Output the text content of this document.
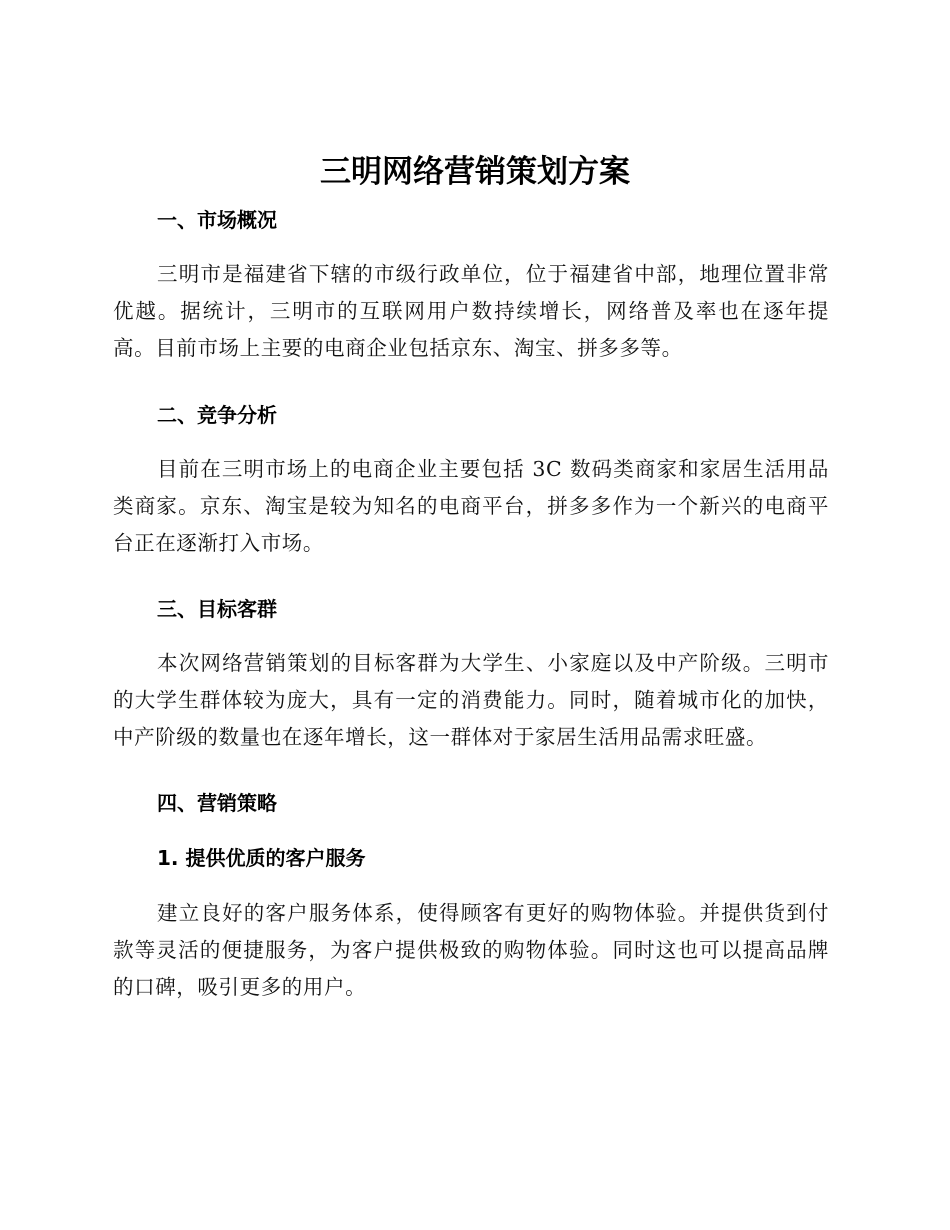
三明网络营销策划方案
一、市场概况

三明市是福建省下辖的市级行政单位，位于福建省中部，地理位置非常优越。据统计，三明市的互联网用户数持续增长，网络普及率也在逐年提高。目前市场上主要的电商企业包括京东、淘宝、拼多多等。

二、竞争分析

目前在三明市场上的电商企业主要包括 3C 数码类商家和家居生活用品类商家。京东、淘宝是较为知名的电商平台，拼多多作为一个新兴的电商平台正在逐渐打入市场。

三、目标客群

本次网络营销策划的目标客群为大学生、小家庭以及中产阶级。三明市的大学生群体较为庞大，具有一定的消费能力。同时，随着城市化的加快，中产阶级的数量也在逐年增长，这一群体对于家居生活用品需求旺盛。

四、营销策略
1. 提供优质的客户服务

建立良好的客户服务体系，使得顾客有更好的购物体验。并提供货到付款等灵活的便捷服务，为客户提供极致的购物体验。同时这也可以提高品牌的口碑，吸引更多的用户。
